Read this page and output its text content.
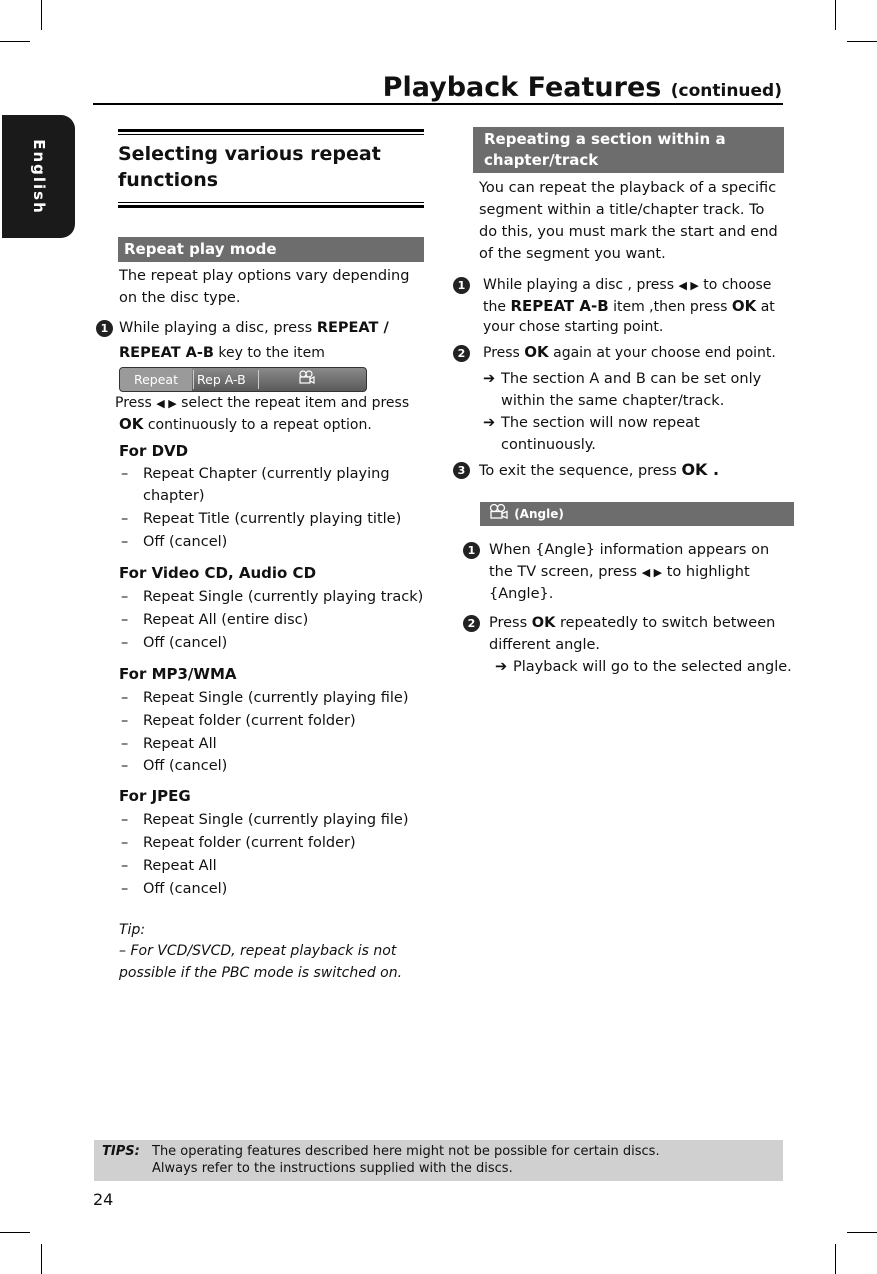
Playback Features (continued)
English	Selecting various repeat functions
Repeat play mode
The repeat play options vary depending
on the disc type.
1 While playing a disc, press REPEAT /
REPEAT A-B key to the item
Repeat	Rep A-B
Press ◀ ▶ select the repeat item and press
OK continuously to a repeat option.
For DVD
– Repeat Chapter (currently playing
chapter)
– Repeat Title (currently playing title)
– Off (cancel)
For Video CD, Audio CD
– Repeat Single (currently playing track)
– Repeat All (entire disc)
– Off (cancel)
For MP3/WMA
– Repeat Single (currently playing file)
– Repeat folder (current folder)
– Repeat All
– Off (cancel)
For JPEG
– Repeat Single (currently playing file)
– Repeat folder (current folder)
– Repeat All
– Off (cancel)
Tip:
– For VCD/SVCD, repeat playback is not
possible if the PBC mode is switched on.
Repeating a section within a
chapter/track
You can repeat the playback of a specific
segment within a title/chapter track. To
do this, you must mark the start and end
of the segment you want.
1	While playing a disc , press ◀ ▶ to choose
the REPEAT A-B item ,then press OK at
your chose starting point.
2	Press OK again at your choose end point.
➔ The section A and B can be set only
within the same chapter/track.
➔ The section will now repeat
continuously.
3 To exit the sequence, press OK .
(Angle)
1 When {Angle} information appears on
the TV screen, press ◀ ▶ to highlight
{Angle}.
2 Press OK repeatedly to switch between
different angle.
➔ Playback will go to the selected angle.
TIPS: The operating features described here might not be possible for certain discs.
Always refer to the instructions supplied with the discs.
24
